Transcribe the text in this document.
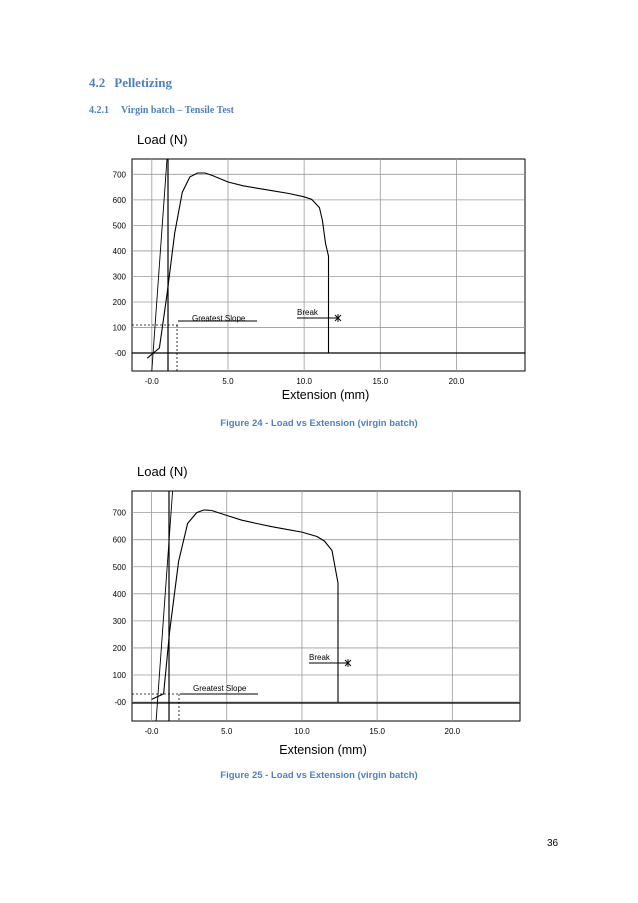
4.2 Pelletizing
4.2.1 Virgin batch – Tensile Test
-00
100
200
300
400
500
600
700
-0.0	5.0	10.0	15.0	20.0
Load (N)
Extension (mm)
Greatest Slope
Break
Figure 24 - Load vs Extension (virgin batch)
-00
100
200
300
400
500
600
700
-0.0	5.0	10.0	15.0	20.0
Load (N)
Extension (mm)
Greatest Slope
Break
Figure 25 - Load vs Extension (virgin batch)
36
